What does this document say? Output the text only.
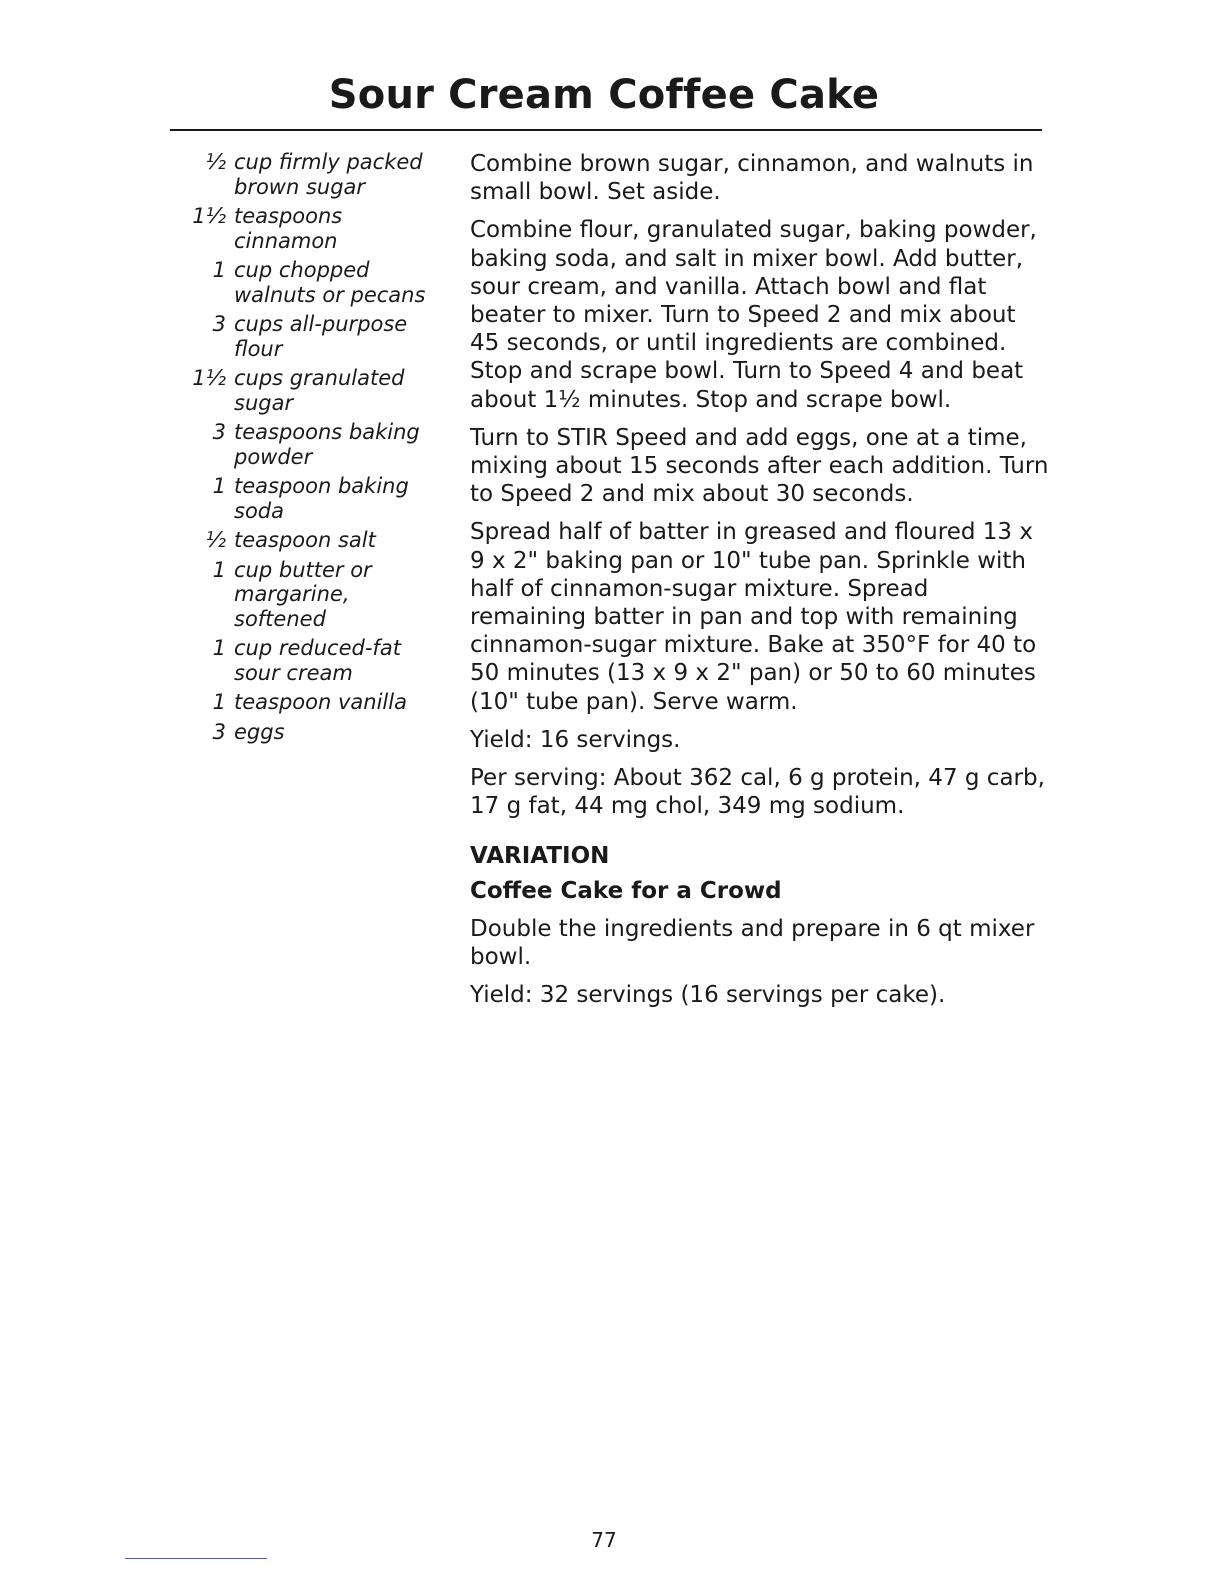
Sour Cream Coffee Cake
½ cup firmly packed brown sugar
1½ teaspoons cinnamon
1 cup chopped walnuts or pecans
3 cups all-purpose flour
1½ cups granulated sugar
3 teaspoons baking powder
1 teaspoon baking soda
½ teaspoon salt
1 cup butter or margarine, softened
1 cup reduced-fat sour cream
1 teaspoon vanilla
3 eggs

Combine brown sugar, cinnamon, and walnuts in small bowl. Set aside.

Combine flour, granulated sugar, baking powder, baking soda, and salt in mixer bowl. Add butter, sour cream, and vanilla. Attach bowl and flat beater to mixer. Turn to Speed 2 and mix about 45 seconds, or until ingredients are combined. Stop and scrape bowl. Turn to Speed 4 and beat about 1½ minutes. Stop and scrape bowl.

Turn to STIR Speed and add eggs, one at a time, mixing about 15 seconds after each addition. Turn to Speed 2 and mix about 30 seconds.

Spread half of batter in greased and floured 13 x 9 x 2" baking pan or 10" tube pan. Sprinkle with half of cinnamon-sugar mixture. Spread remaining batter in pan and top with remaining cinnamon-sugar mixture. Bake at 350°F for 40 to 50 minutes (13 x 9 x 2" pan) or 50 to 60 minutes (10" tube pan). Serve warm.

Yield: 16 servings.

Per serving: About 362 cal, 6 g protein, 47 g carb, 17 g fat, 44 mg chol, 349 mg sodium.

VARIATION
Coffee Cake for a Crowd

Double the ingredients and prepare in 6 qt mixer bowl.

Yield: 32 servings (16 servings per cake).

77
